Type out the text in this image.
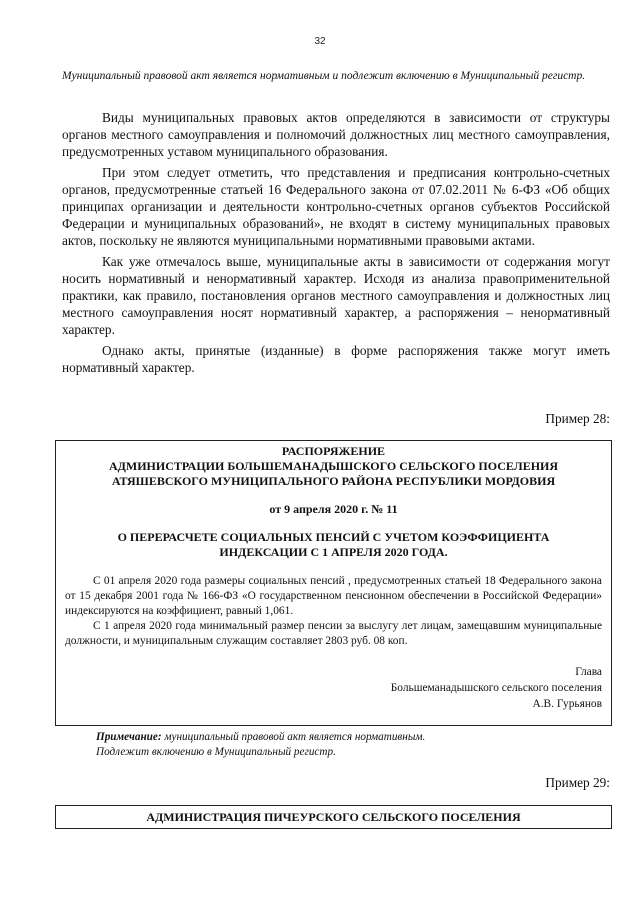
32
Муниципальный правовой акт является нормативным и подлежит включению в Муниципальный регистр.

Виды муниципальных правовых актов определяются в зависимости от структуры органов местного самоуправления и полномочий должностных лиц местного самоуправления, предусмотренных уставом муниципального образования.

При этом следует отметить, что представления и предписания контрольно-счетных органов, предусмотренные статьей 16 Федерального закона от 07.02.2011 № 6-ФЗ «Об общих принципах организации и деятельности контрольно-счетных органов субъектов Российской Федерации и муниципальных образований», не входят в систему муниципальных правовых актов, поскольку не являются муниципальными нормативными правовыми актами.

Как уже отмечалось выше, муниципальные акты в зависимости от содержания могут носить нормативный и ненормативный характер. Исходя из анализа правоприменительной практики, как правило, постановления органов местного самоуправления и должностных лиц местного самоуправления носят нормативный характер, а распоряжения – ненормативный характер.

Однако акты, принятые (изданные) в форме распоряжения также могут иметь нормативный характер.

Пример 28:
РАСПОРЯЖЕНИЕ
АДМИНИСТРАЦИИ БОЛЬШЕМАНАДЫШСКОГО СЕЛЬСКОГО ПОСЕЛЕНИЯ
АТЯШЕВСКОГО МУНИЦИПАЛЬНОГО РАЙОНА РЕСПУБЛИКИ МОРДОВИЯ
от 9 апреля 2020 г. № 11
О ПЕРЕРАСЧЕТЕ СОЦИАЛЬНЫХ ПЕНСИЙ С УЧЕТОМ КОЭФФИЦИЕНТА
ИНДЕКСАЦИИ С 1 АПРЕЛЯ 2020 ГОДА.

С 01 апреля 2020 года размеры социальных пенсий , предусмотренных статьей 18 Федерального закона от 15 декабря 2001 года № 166-ФЗ «О государственном пенсионном обеспечении в Российской Федерации» индексируются на коэффициент, равный 1,061.

С 1 апреля 2020 года минимальный размер пенсии за выслугу лет лицам, замещавшим муниципальные должности, и муниципальным служащим составляет 2803 руб. 08 коп.

Глава
Большеманадышского сельского поселения
А.В. Гурьянов
Примечание: муниципальный правовой акт является нормативным.
Подлежит включению в Муниципальный регистр.
Пример 29:
АДМИНИСТРАЦИЯ ПИЧЕУРСКОГО СЕЛЬСКОГО ПОСЕЛЕНИЯ
